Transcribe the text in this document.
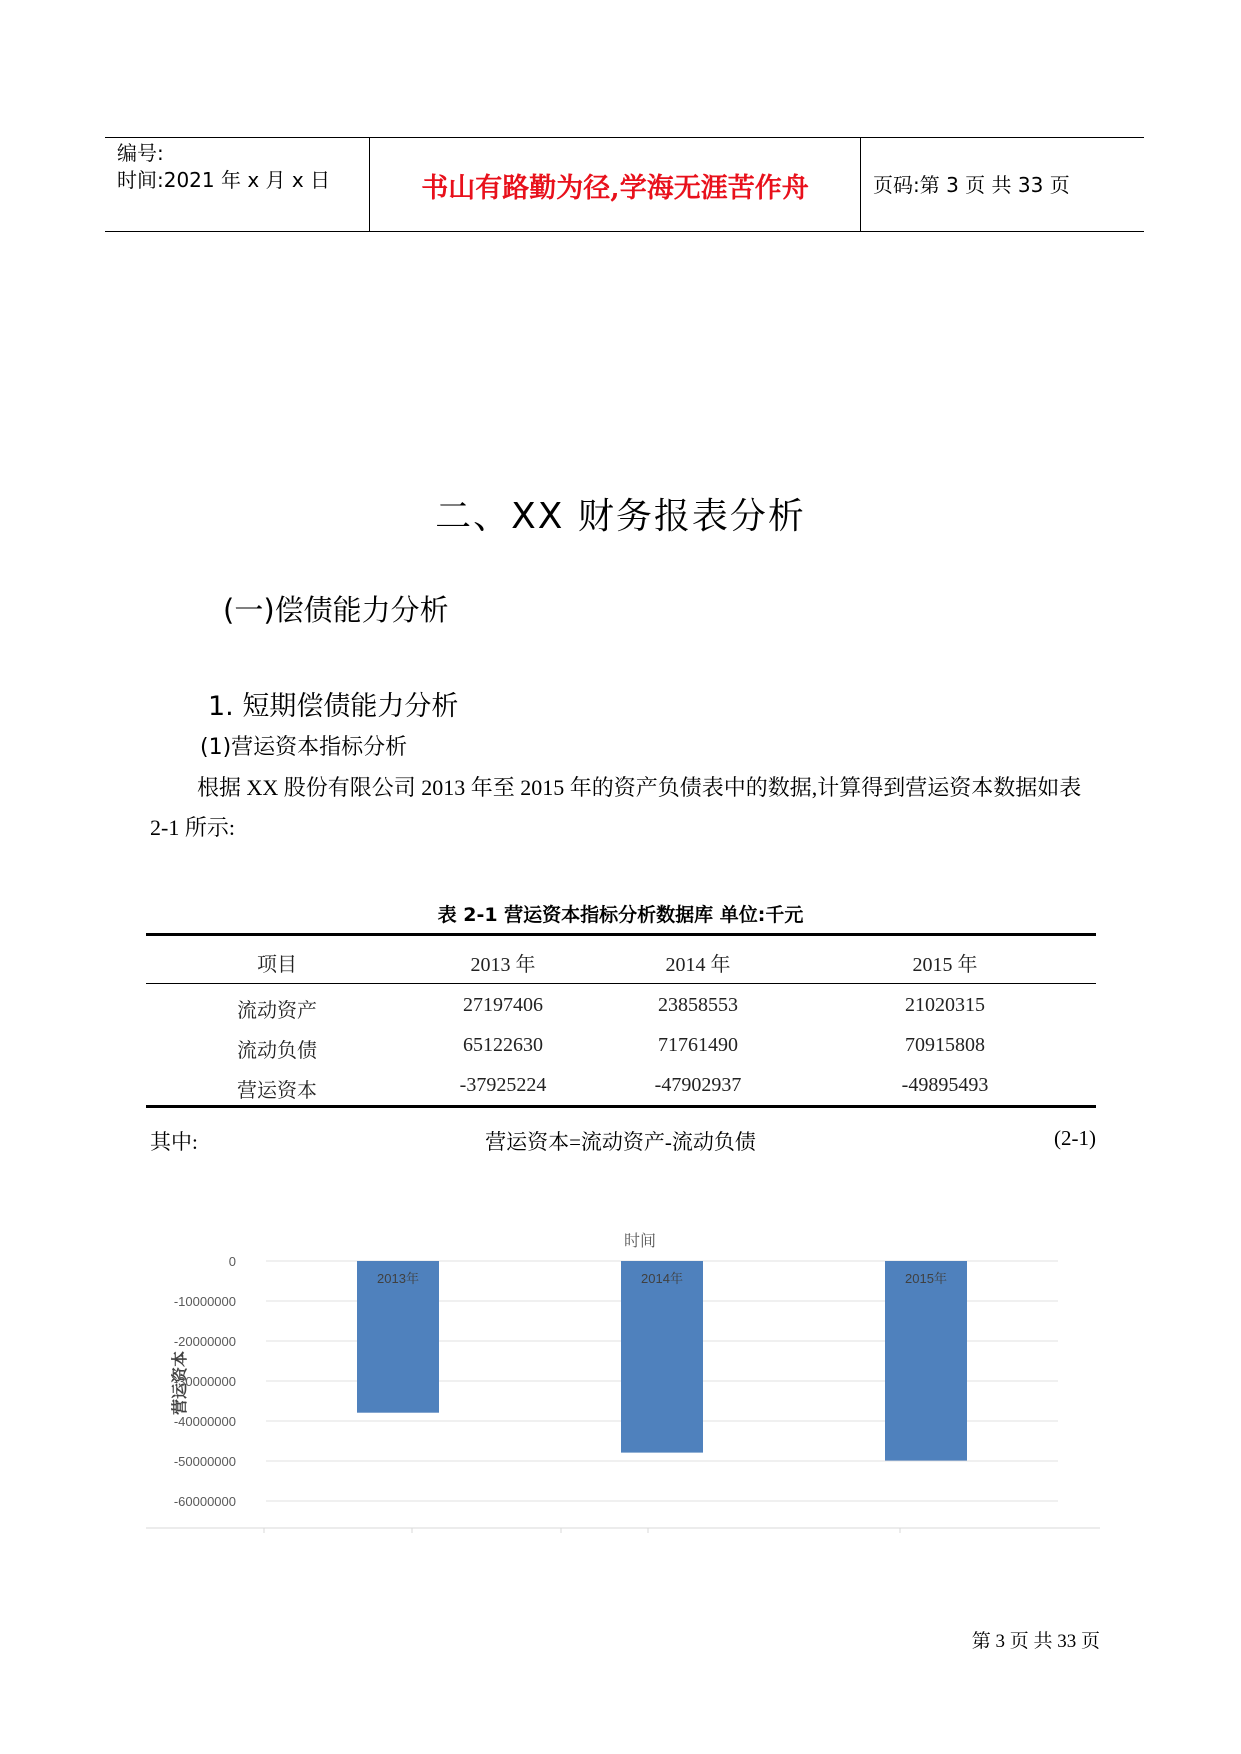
编号:
时间:2021 年 x 月 x 日	书山有路勤为径,学海无涯苦作舟	页码:第 3 页 共 33 页
二、XX 财务报表分析
(一)偿债能力分析
1. 短期偿债能力分析
(1)营运资本指标分析
根据 XX 股份有限公司 2013 年至 2015 年的资产负债表中的数据,计算得到营运资本数据如表 2-1 所示:
表 2-1 营运资本指标分析数据库 单位:千元
项目	2013 年	2014 年	2015 年
流动资产	27197406	23858553	21020315
流动负债	65122630	71761490	70915808
营运资本	-37925224	-47902937	-49895493
其中:	营运资本=流动资产-流动负债	(2-1)
时间
营运资本
0
-10000000
-20000000
-30000000
-40000000
-50000000
-60000000
2013年	2014年	2015年
第 3 页 共 33 页
